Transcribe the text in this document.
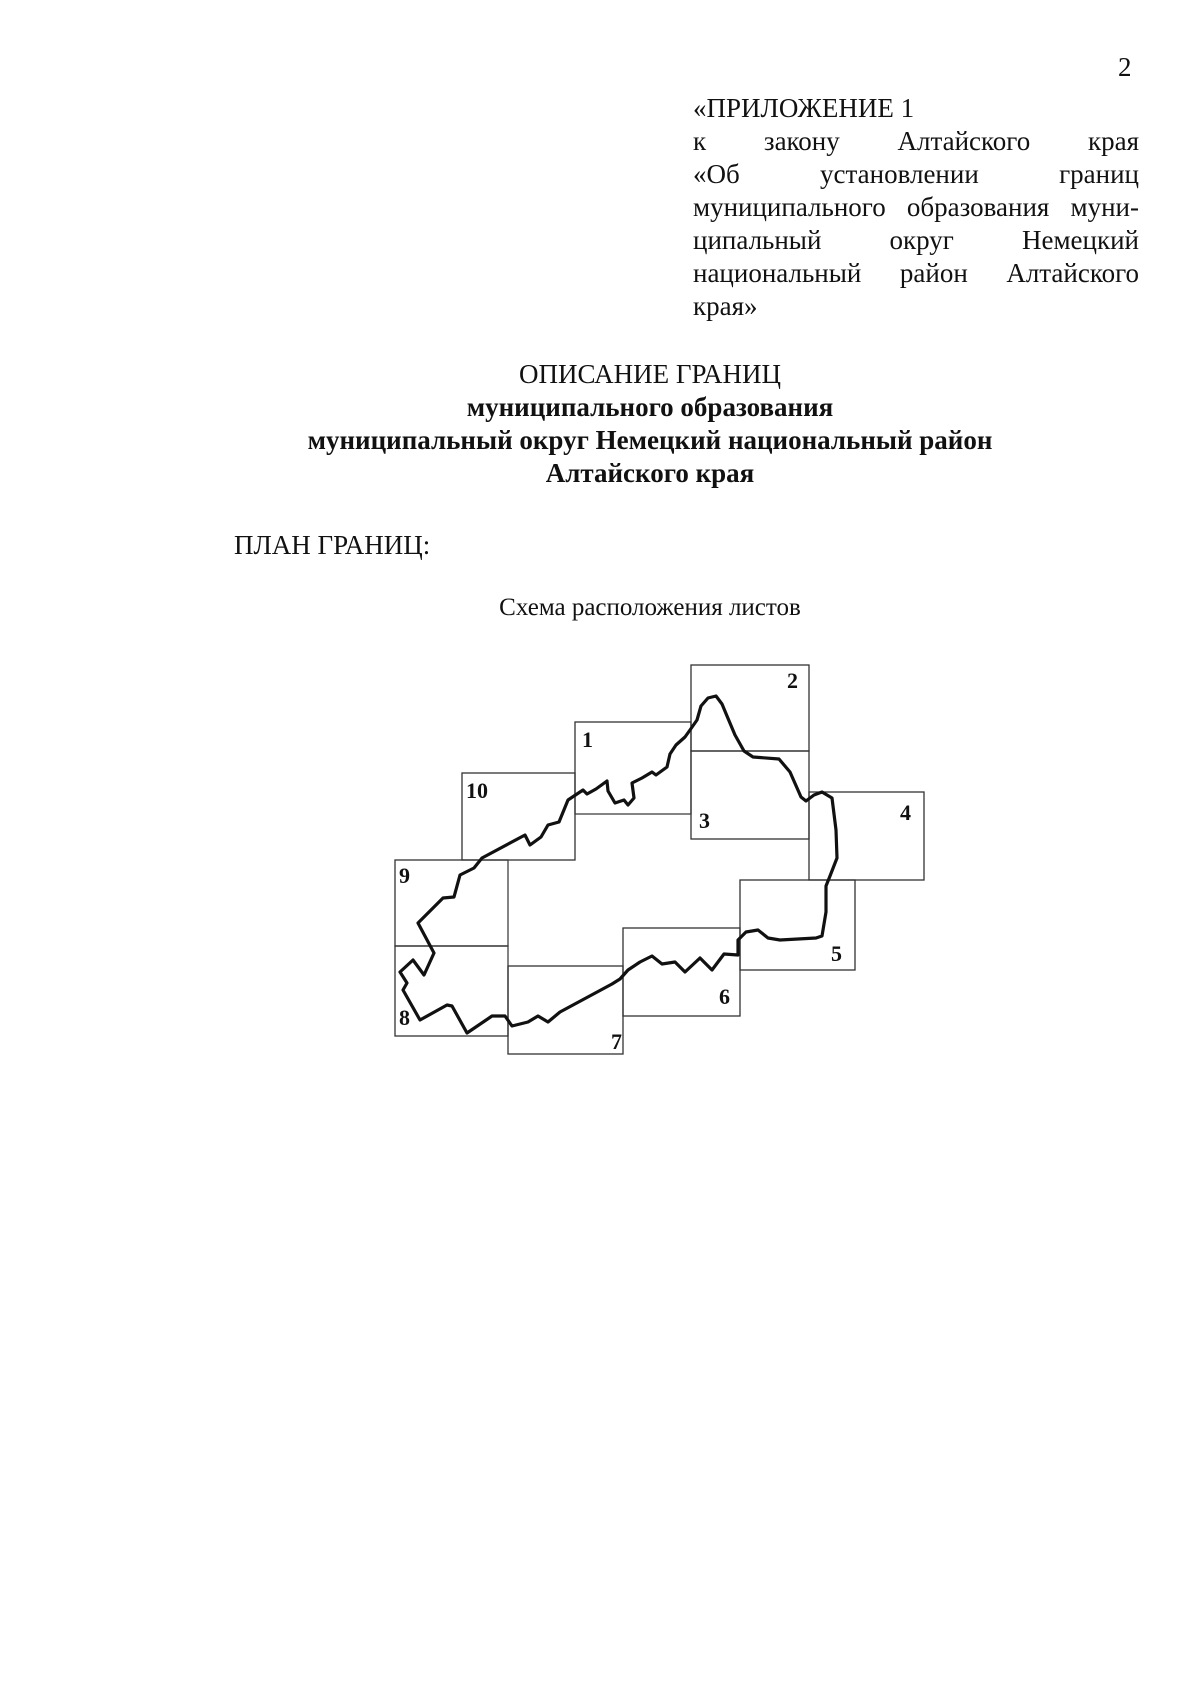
2
«ПРИЛОЖЕНИЕ 1
к закону Алтайского края
«Об установлении границ
муниципального образования муни-
ципальный округ Немецкий
национальный район Алтайского
края»
ОПИСАНИЕ ГРАНИЦ
муниципального образования
муниципальный округ Немецкий национальный район
Алтайского края
ПЛАН ГРАНИЦ:
Схема расположения листов
1
2
3	4
5
6
7
8
9
10
